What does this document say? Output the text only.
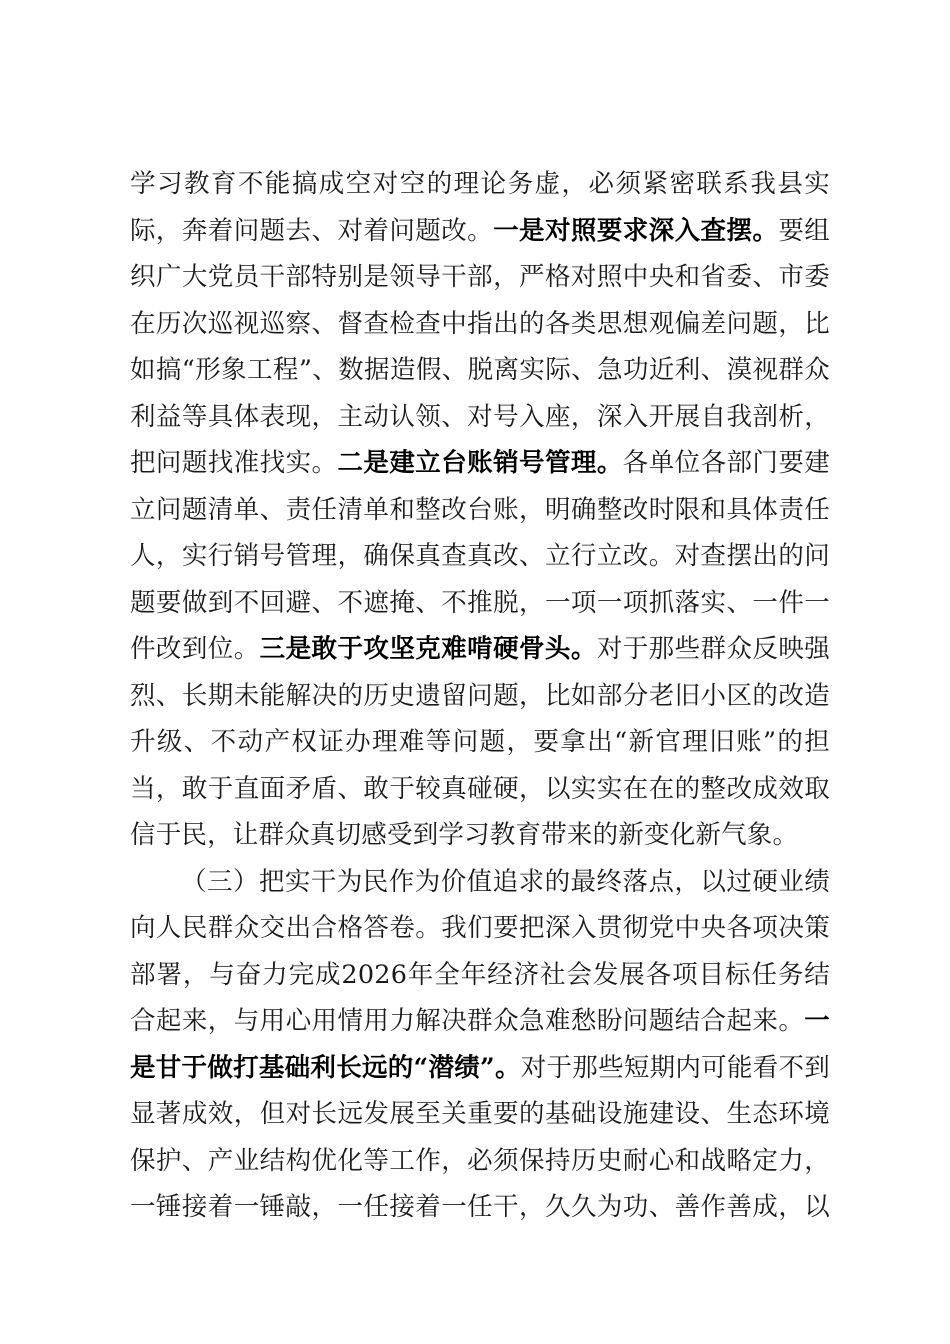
学习教育不能搞成空对空的理论务虚，必须紧密联系我县实际，奔着问题去、对着问题改。一是对照要求深入查摆。要组织广大党员干部特别是领导干部，严格对照中央和省委、市委在历次巡视巡察、督查检查中指出的各类思想观偏差问题，比如搞“形象工程”、数据造假、脱离实际、急功近利、漠视群众利益等具体表现，主动认领、对号入座，深入开展自我剖析，把问题找准找实。二是建立台账销号管理。各单位各部门要建立问题清单、责任清单和整改台账，明确整改时限和具体责任人，实行销号管理，确保真查真改、立行立改。对查摆出的问题要做到不回避、不遮掩、不推脱，一项一项抓落实、一件一件改到位。三是敢于攻坚克难啃硬骨头。对于那些群众反映强烈、长期未能解决的历史遗留问题，比如部分老旧小区的改造升级、不动产权证办理难等问题，要拿出“新官理旧账”的担当，敢于直面矛盾、敢于较真碰硬，以实实在在的整改成效取信于民，让群众真切感受到学习教育带来的新变化新气象。

（三）把实干为民作为价值追求的最终落点，以过硬业绩向人民群众交出合格答卷。我们要把深入贯彻党中央各项决策部署，与奋力完成2026年全年经济社会发展各项目标任务结合起来，与用心用情用力解决群众急难愁盼问题结合起来。一是甘于做打基础利长远的“潜绩”。对于那些短期内可能看不到显著成效，但对长远发展至关重要的基础设施建设、生态环境保护、产业结构优化等工作，必须保持历史耐心和战略定力，一锤接着一锤敲，一任接着一任干，久久为功、善作善成，以
